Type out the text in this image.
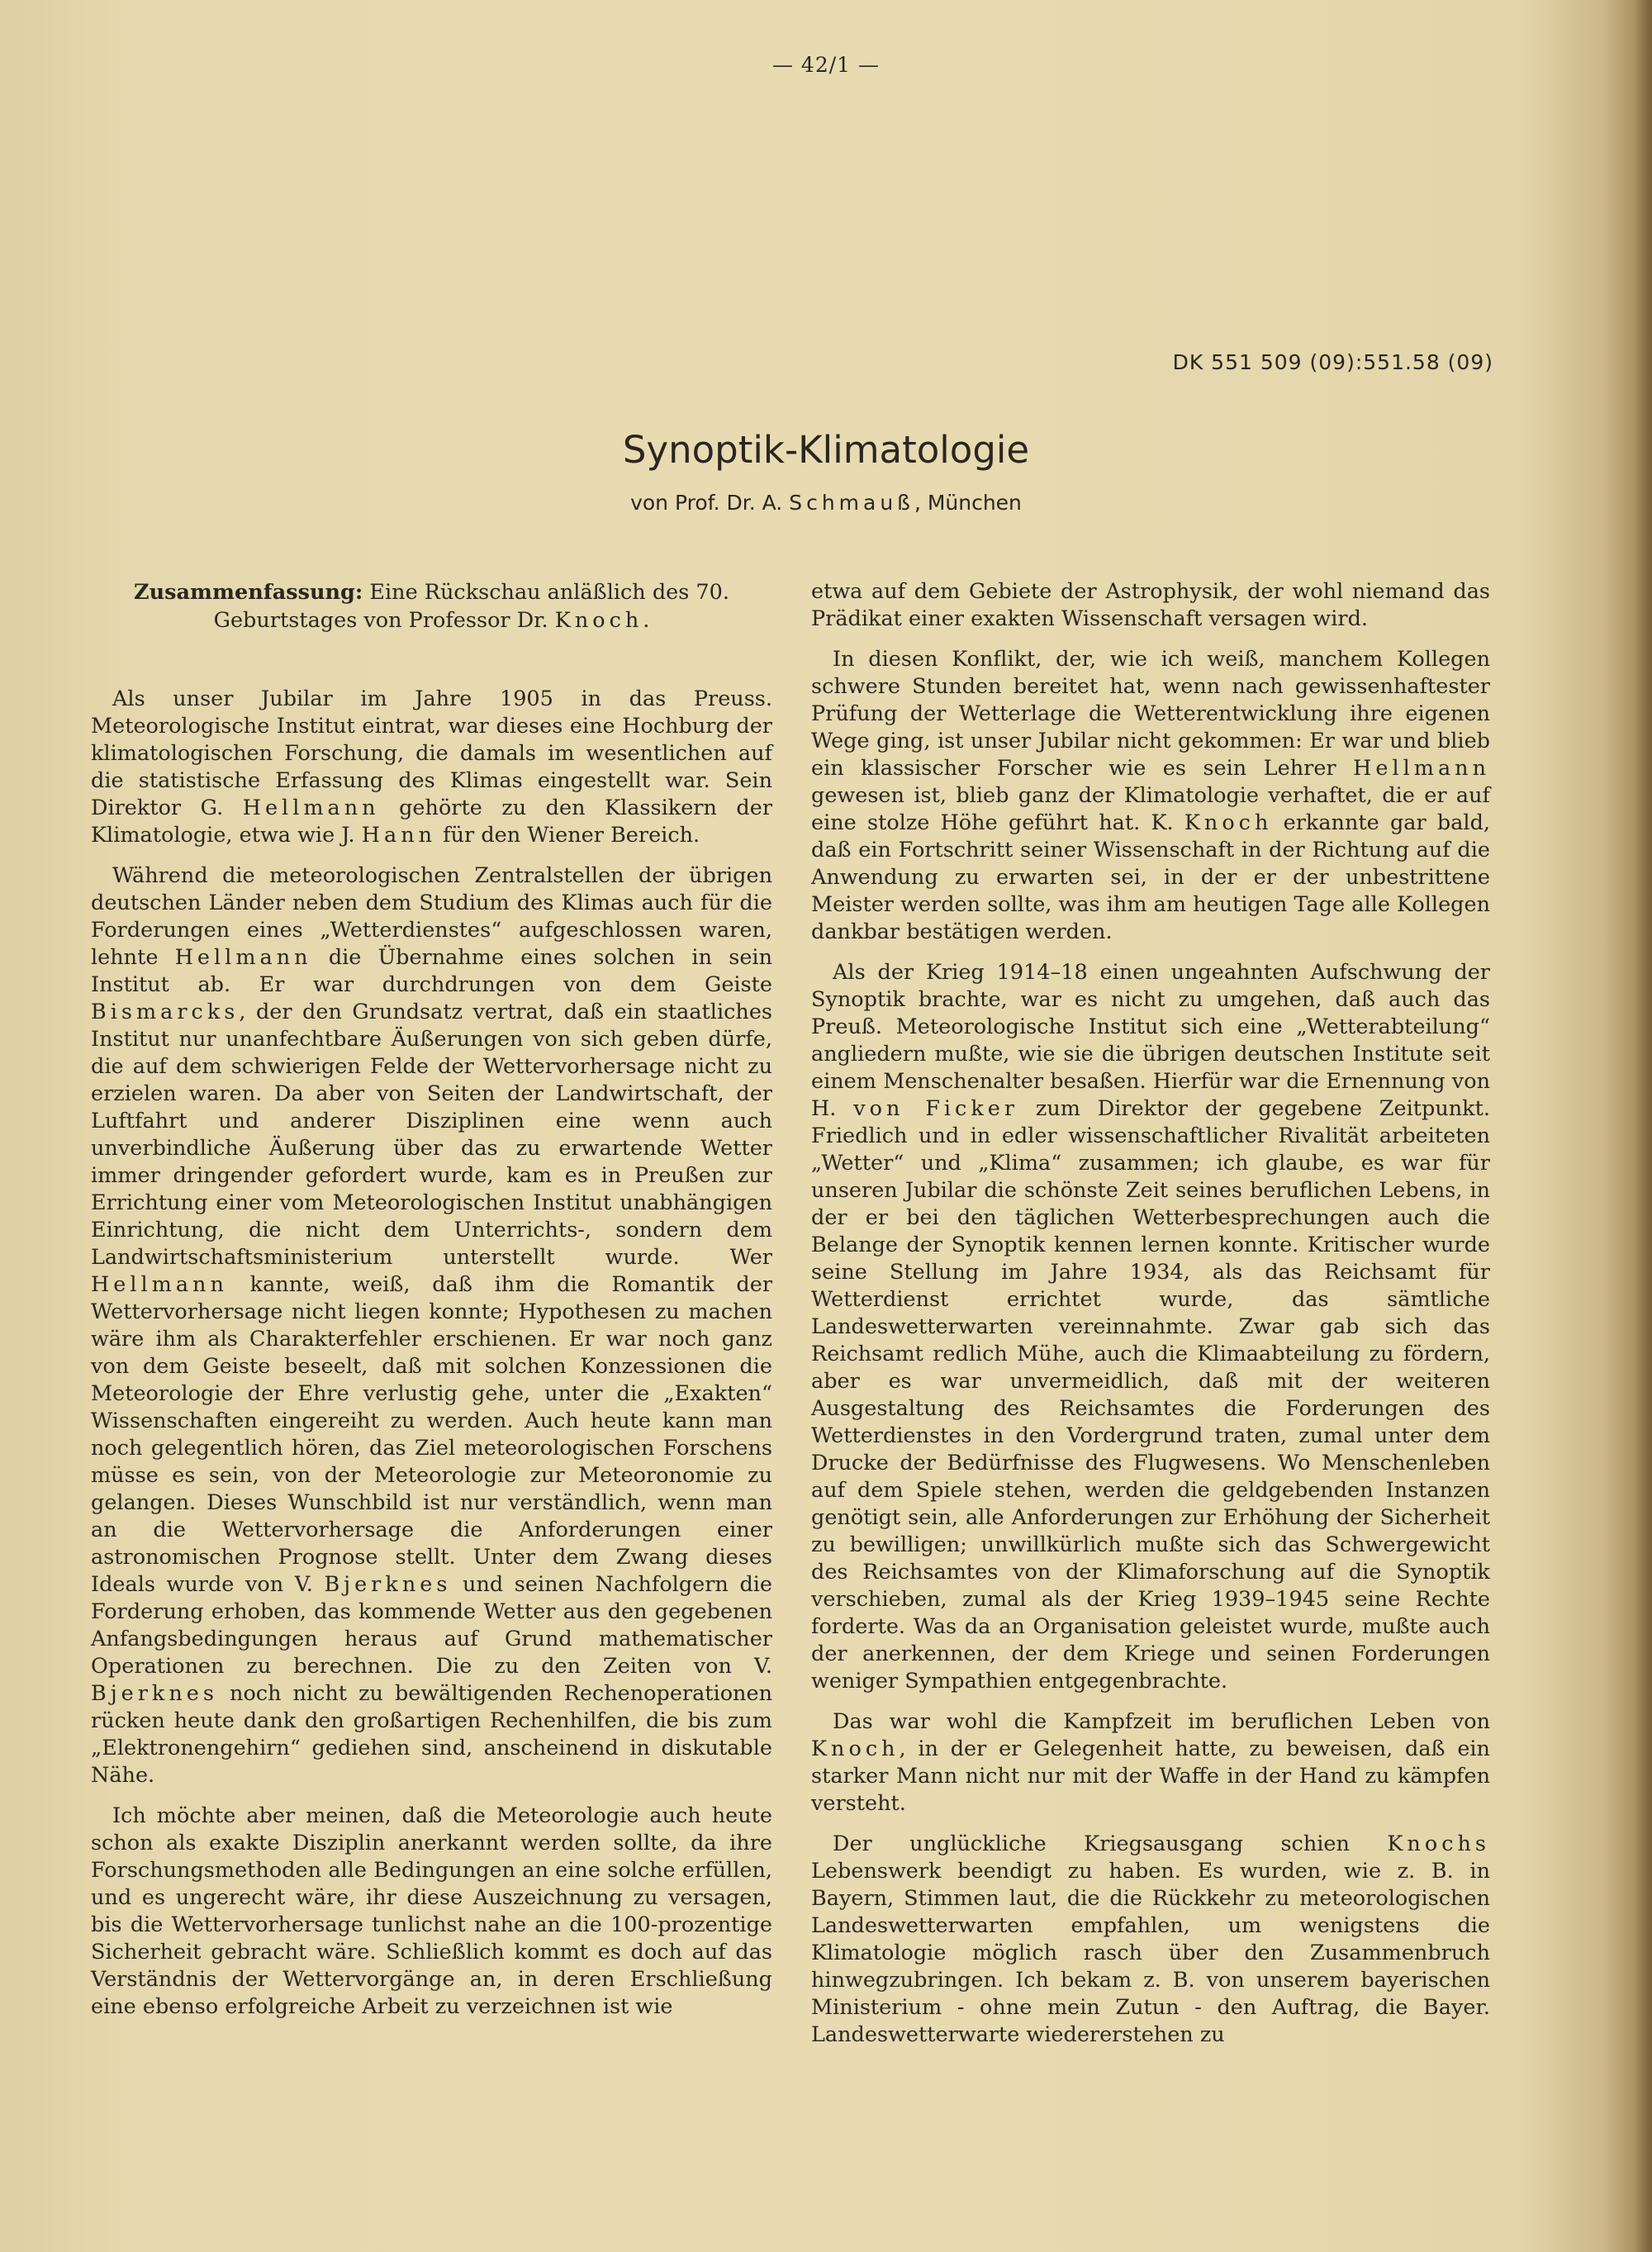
— 42/1 —
DK 551 509 (09):551.58 (09)
Synoptik-Klimatologie
von Prof. Dr. A. Schmauß, München
Zusammenfassung: Eine Rückschau anläßlich des 70. Geburtstages von Professor Dr. Knoch.

Als unser Jubilar im Jahre 1905 in das Preuss. Meteorologische Institut eintrat, war dieses eine Hochburg der klimatologischen Forschung, die damals im wesentlichen auf die statistische Erfassung des Klimas eingestellt war. Sein Direktor G. Hellmann gehörte zu den Klassikern der Klimatologie, etwa wie J. Hann für den Wiener Bereich.

Während die meteorologischen Zentralstellen der übrigen deutschen Länder neben dem Studium des Klimas auch für die Forderungen eines „Wetterdienstes“ aufgeschlossen waren, lehnte Hellmann die Übernahme eines solchen in sein Institut ab. Er war durchdrungen von dem Geiste Bismarcks, der den Grundsatz vertrat, daß ein staatliches Institut nur unanfechtbare Äußerungen von sich geben dürfe, die auf dem schwierigen Felde der Wettervorhersage nicht zu erzielen waren. Da aber von Seiten der Landwirtschaft, der Luftfahrt und anderer Disziplinen eine wenn auch unverbindliche Äußerung über das zu erwartende Wetter immer dringender gefordert wurde, kam es in Preußen zur Errichtung einer vom Meteorologischen Institut unabhängigen Einrichtung, die nicht dem Unterrichts-, sondern dem Landwirtschaftsministerium unterstellt wurde. Wer Hellmann kannte, weiß, daß ihm die Romantik der Wettervorhersage nicht liegen konnte; Hypothesen zu machen wäre ihm als Charakterfehler erschienen. Er war noch ganz von dem Geiste beseelt, daß mit solchen Konzessionen die Meteorologie der Ehre verlustig gehe, unter die „Exakten“ Wissenschaften eingereiht zu werden. Auch heute kann man noch gelegentlich hören, das Ziel meteorologischen Forschens müsse es sein, von der Meteorologie zur Meteoronomie zu gelangen. Dieses Wunschbild ist nur verständlich, wenn man an die Wettervorhersage die Anforderungen einer astronomischen Prognose stellt. Unter dem Zwang dieses Ideals wurde von V. Bjerknes und seinen Nachfolgern die Forderung erhoben, das kommende Wetter aus den gegebenen Anfangsbedingungen heraus auf Grund mathematischer Operationen zu berechnen. Die zu den Zeiten von V. Bjerknes noch nicht zu bewältigenden Rechenoperationen rücken heute dank den großartigen Rechenhilfen, die bis zum „Elektronengehirn“ gediehen sind, anscheinend in diskutable Nähe.

Ich möchte aber meinen, daß die Meteorologie auch heute schon als exakte Disziplin anerkannt werden sollte, da ihre Forschungsmethoden alle Bedingungen an eine solche erfüllen, und es ungerecht wäre, ihr diese Auszeichnung zu versagen, bis die Wettervorhersage tunlichst nahe an die 100-prozentige Sicherheit gebracht wäre. Schließlich kommt es doch auf das Verständnis der Wettervorgänge an, in deren Erschließung eine ebenso erfolgreiche Arbeit zu verzeichnen ist wie

etwa auf dem Gebiete der Astrophysik, der wohl niemand das Prädikat einer exakten Wissenschaft versagen wird.

In diesen Konflikt, der, wie ich weiß, manchem Kollegen schwere Stunden bereitet hat, wenn nach gewissenhaftester Prüfung der Wetterlage die Wetterentwicklung ihre eigenen Wege ging, ist unser Jubilar nicht gekommen: Er war und blieb ein klassischer Forscher wie es sein Lehrer Hellmann gewesen ist, blieb ganz der Klimatologie verhaftet, die er auf eine stolze Höhe geführt hat. K. Knoch erkannte gar bald, daß ein Fortschritt seiner Wissenschaft in der Richtung auf die Anwendung zu erwarten sei, in der er der unbestrittene Meister werden sollte, was ihm am heutigen Tage alle Kollegen dankbar bestätigen werden.

Als der Krieg 1914–18 einen ungeahnten Aufschwung der Synoptik brachte, war es nicht zu umgehen, daß auch das Preuß. Meteorologische Institut sich eine „Wetterabteilung“ angliedern mußte, wie sie die übrigen deutschen Institute seit einem Menschenalter besaßen. Hierfür war die Ernennung von H. von Ficker zum Direktor der gegebene Zeitpunkt. Friedlich und in edler wissenschaftlicher Rivalität arbeiteten „Wetter“ und „Klima“ zusammen; ich glaube, es war für unseren Jubilar die schönste Zeit seines beruflichen Lebens, in der er bei den täglichen Wetterbesprechungen auch die Belange der Synoptik kennen lernen konnte. Kritischer wurde seine Stellung im Jahre 1934, als das Reichsamt für Wetterdienst errichtet wurde, das sämtliche Landeswetterwarten vereinnahmte. Zwar gab sich das Reichsamt redlich Mühe, auch die Klimaabteilung zu fördern, aber es war unvermeidlich, daß mit der weiteren Ausgestaltung des Reichsamtes die Forderungen des Wetterdienstes in den Vordergrund traten, zumal unter dem Drucke der Bedürfnisse des Flugwesens. Wo Menschenleben auf dem Spiele stehen, werden die geldgebenden Instanzen genötigt sein, alle Anforderungen zur Erhöhung der Sicherheit zu bewilligen; unwillkürlich mußte sich das Schwergewicht des Reichsamtes von der Klimaforschung auf die Synoptik verschieben, zumal als der Krieg 1939–1945 seine Rechte forderte. Was da an Organisation geleistet wurde, mußte auch der anerkennen, der dem Kriege und seinen Forderungen weniger Sympathien entgegenbrachte.

Das war wohl die Kampfzeit im beruflichen Leben von Knoch, in der er Gelegenheit hatte, zu beweisen, daß ein starker Mann nicht nur mit der Waffe in der Hand zu kämpfen versteht.

Der unglückliche Kriegsausgang schien Knochs Lebenswerk beendigt zu haben. Es wurden, wie z. B. in Bayern, Stimmen laut, die die Rückkehr zu meteorologischen Landeswetterwarten empfahlen, um wenigstens die Klimatologie möglich rasch über den Zusammenbruch hinwegzubringen. Ich bekam z. B. von unserem bayerischen Ministerium - ohne mein Zutun - den Auftrag, die Bayer. Landeswetterwarte wiedererstehen zu
